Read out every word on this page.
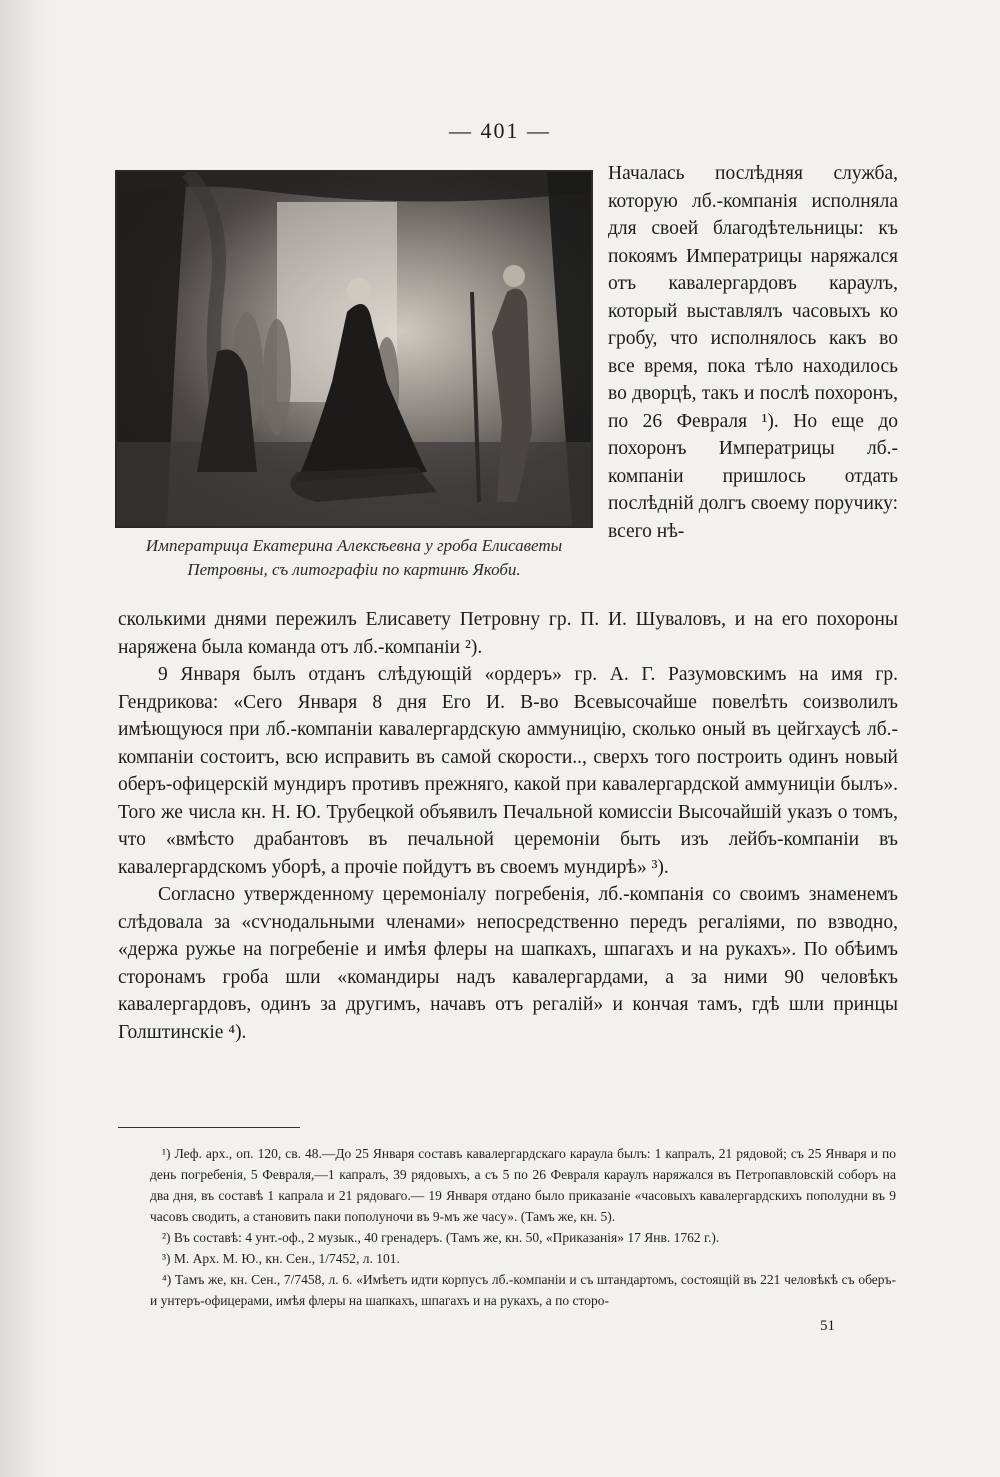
— 401 —
Императрица Екатерина Алексѣевна у гроба Елисаветы Петровны, съ литографіи по картинѣ Якоби.
Началась послѣдняя служба, которую лб.-компанія исполняла для своей благодѣтельницы: къ покоямъ Императрицы наряжался отъ кавалергардовъ караулъ, который выставлялъ часовыхъ ко гробу, что исполнялось какъ во все время, пока тѣло находилось во дворцѣ, такъ и послѣ похоронъ, по 26 Февраля ¹). Но еще до похоронъ Императрицы лб.-компаніи пришлось отдать послѣдній долгъ своему поручику: всего нѣ-

сколькими днями пережилъ Елисавету Петровну гр. П. И. Шуваловъ, и на его похороны наряжена была команда отъ лб.-компаніи ²).

9 Января былъ отданъ слѣдующій «ордеръ» гр. А. Г. Разумовскимъ на имя гр. Гендрикова: «Сего Января 8 дня Его И. В-во Всевысочайше повелѣть соизволилъ имѣющуюся при лб.-компаніи кавалергардскую аммуницію, сколько оный въ цейгхаусѣ лб.-компаніи состоитъ, всю исправить въ самой скорости.., сверхъ того построить одинъ новый оберъ-офицерскій мундиръ противъ прежняго, какой при кавалергардской аммуниціи былъ». Того же числа кн. Н. Ю. Трубецкой объявилъ Печальной комиссіи Высочайшій указъ о томъ, что «вмѣсто драбантовъ въ печальной церемоніи быть изъ лейбъ-компаніи въ кавалергардскомъ уборѣ, а прочіе пойдутъ въ своемъ мундирѣ» ³).

Согласно утвержденному церемоніалу погребенія, лб.-компанія со своимъ знаменемъ слѣдовала за «сѵнодальными членами» непосредственно передъ регаліями, по взводно, «держа ружье на погребеніе и имѣя флеры на шапкахъ, шпагахъ и на рукахъ». По обѣимъ сторонамъ гроба шли «командиры надъ кавалергардами, а за ними 90 человѣкъ кавалергардовъ, одинъ за другимъ, начавъ отъ регалій» и кончая тамъ, гдѣ шли принцы Голштинскіе ⁴).

¹) Леф. арх., оп. 120, св. 48.—До 25 Января составъ кавалергардскаго караула былъ: 1 капралъ, 21 рядовой; съ 25 Января и по день погребенія, 5 Февраля,—1 капралъ, 39 рядовыхъ, а съ 5 по 26 Февраля караулъ наряжался въ Петропавловскій соборъ на два дня, въ составѣ 1 капрала и 21 рядоваго.— 19 Января отдано было приказаніе «часовыхъ кавалергардскихъ пополудни въ 9 часовъ сводить, а становить паки пополуночи въ 9-мъ же часу». (Тамъ же, кн. 5).

²) Въ составѣ: 4 унт.-оф., 2 музык., 40 гренадеръ. (Тамъ же, кн. 50, «Приказанія» 17 Янв. 1762 г.).

³) М. Арх. М. Ю., кн. Сен., 1/7452, л. 101.

⁴) Тамъ же, кн. Сен., 7/7458, л. 6. «Имѣетъ идти корпусъ лб.-компаніи и съ штандартомъ, состоящій въ 221 человѣкѣ съ оберъ- и унтеръ-офицерами, имѣя флеры на шапкахъ, шпагахъ и на рукахъ, а по сторо-

51
